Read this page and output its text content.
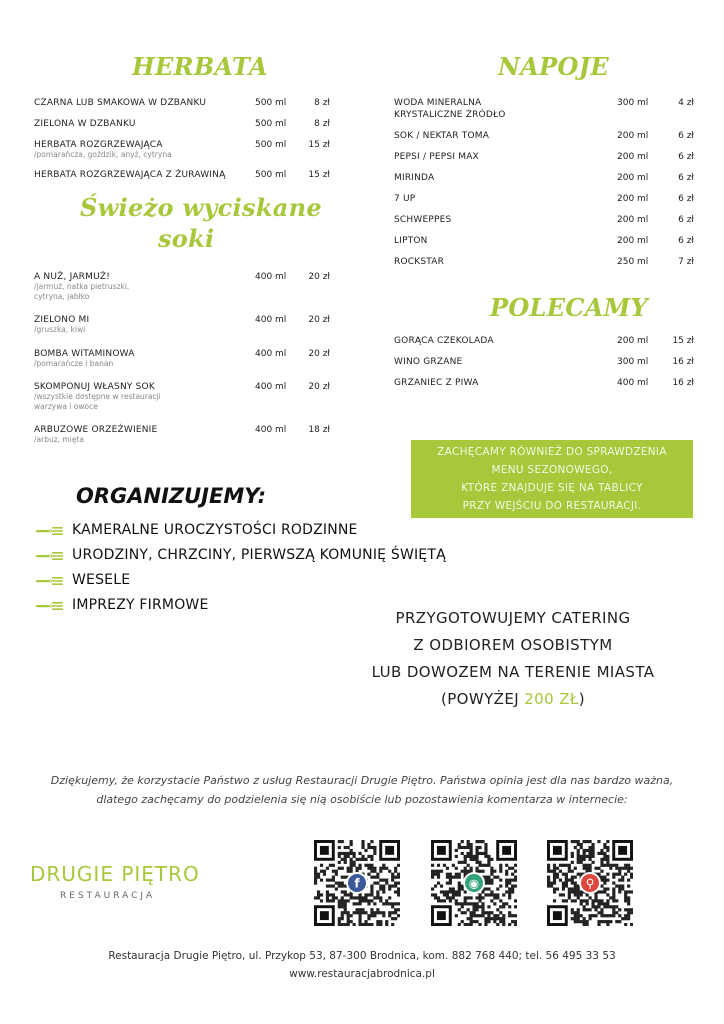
HERBATA
CZARNA LUB SMAKOWA W DZBANKU	500 ml	8 zł
ZIELONA W DZBANKU	500 ml	8 zł
HERBATA ROZGRZEWAJĄCA	500 ml	15 zł
/pomarańcza, goździk, anyż, cytryna
HERBATA ROZGRZEWAJĄCA Z ŻURAWINĄ	500 ml	15 zł
Świeżo wyciskane
soki
A NUŻ, JARMUŻ!	400 ml	20 zł
/jarmuż, natka pietruszki,
cytryna, jabłko
ZIELONO MI	400 ml	20 zł
/gruszka, kiwi
BOMBA WITAMINOWA	400 ml	20 zł
/pomarańcze i banan
SKOMPONUJ WŁASNY SOK	400 ml	20 zł
/wszystkie dostępne w restauracji
warzywa i owoce
ARBUZOWE ORZEŹWIENIE	400 ml	18 zł
/arbuz, mięta
NAPOJE
WODA MINERALNA
KRYSTALICZNE ŹRÓDŁO
300 ml	4 zł
SOK / NEKTAR TOMA	200 ml	6 zł
PEPSI / PEPSI MAX	200 ml	6 zł
MIRINDA	200 ml	6 zł
7 UP	200 ml	6 zł
SCHWEPPES	200 ml	6 zł
LIPTON	200 ml	6 zł
ROCKSTAR	250 ml	7 zł
POLECAMY
GORĄCA CZEKOLADA	200 ml	15 zł
WINO GRZANE	300 ml	16 zł
GRZANIEC Z PIWA	400 ml	16 zł
ZACHĘCAMY RÓWNIEŻ DO SPRAWDZENIA
MENU SEZONOWEGO,
KTÓRE ZNAJDUJE SIĘ NA TABLICY
PRZY WEJŚCIU DO RESTAURACJI.
ORGANIZUJEMY:
KAMERALNE UROCZYSTOŚCI RODZINNE
URODZINY, CHRZCINY, PIERWSZĄ KOMUNIĘ ŚWIĘTĄ
WESELE
IMPREZY FIRMOWE
PRZYGOTOWUJEMY CATERING
Z ODBIOREM OSOBISTYM
LUB DOWOZEM NA TERENIE MIASTA
(POWYŻEJ 200 ZŁ)
Dziękujemy, że korzystacie Państwo z usług Restauracji Drugie Piętro. Państwa opinia jest dla nas bardzo ważna,
dlatego zachęcamy do podzielenia się nią osobiście lub pozostawienia komentarza w internecie:
DRUGIE PIĘTRO
RESTAURACJA
f	◉	⚲
Restauracja Drugie Piętro, ul. Przykop 53, 87-300 Brodnica, kom. 882 768 440; tel. 56 495 33 53
www.restauracjabrodnica.pl
